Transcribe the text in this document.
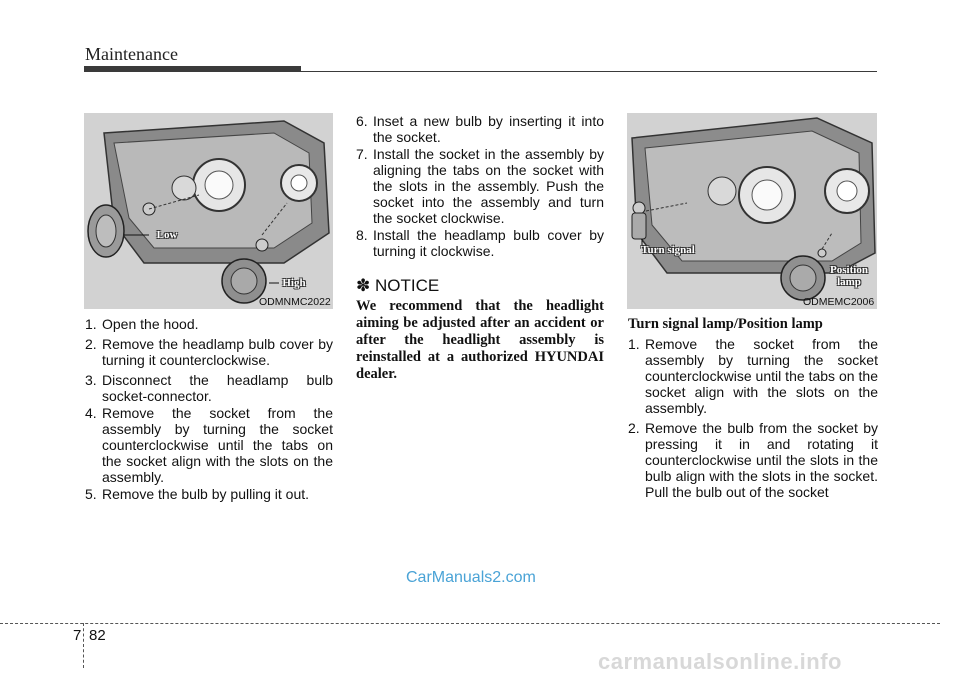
Maintenance
Low
High
ODMNMC2022
1. Open the hood.
2. Remove the headlamp bulb cover by turning it counterclockwise.
3. Disconnect the headlamp bulb socket-connector.
4. Remove the socket from the assembly by turning the socket counterclockwise until the tabs on the socket align with the slots on the assembly.
5. Remove the bulb by pulling it out.
6. Inset a new bulb by inserting it into the socket.
7. Install the socket in the assembly by aligning the tabs on the socket with the slots in the assembly. Push the socket into the assembly and turn the socket clockwise.
8. Install the headlamp bulb cover by turning it clockwise.
✽ NOTICE
We recommend that the headlight aiming be adjusted after an accident or after the headlight assembly is reinstalled at a authorized HYUNDAI dealer.
Turn signal
Position
lamp
ODMEMC2006
Turn signal lamp/Position lamp
1. Remove the socket from the assembly by turning the socket counterclockwise until the tabs on the socket align with the slots on the assembly.
2. Remove the bulb from the socket by pressing it in and rotating it counterclockwise until the slots in the bulb align with the slots in the socket. Pull the bulb out of the socket
CarManuals2.com
7 82
carmanualsonline.info
